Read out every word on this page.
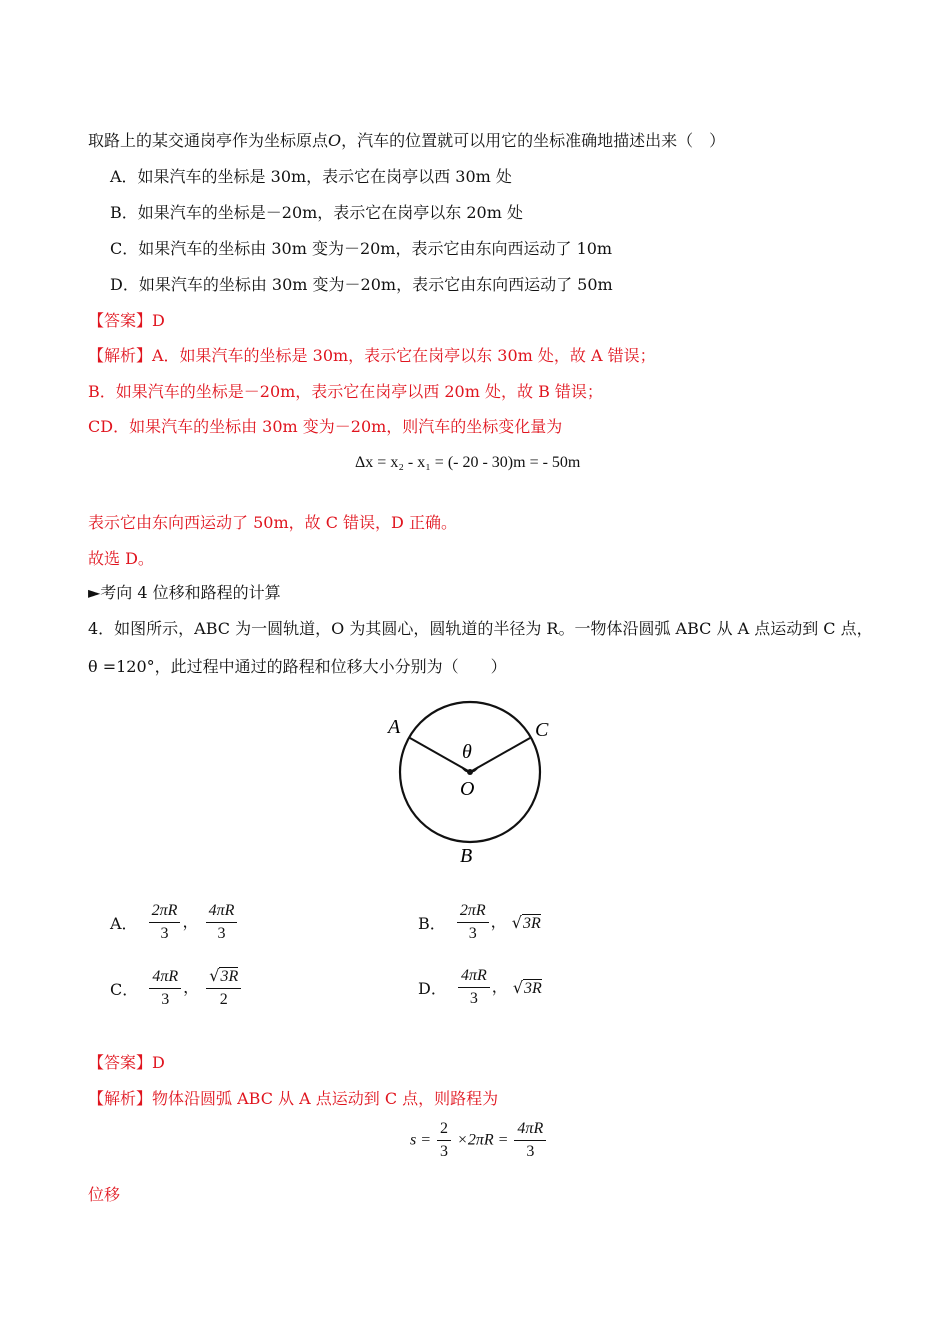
取路上的某交通岗亭作为坐标原点O，汽车的位置就可以用它的坐标准确地描述出来（　）
A．如果汽车的坐标是 30m，表示它在岗亭以西 30m 处
B．如果汽车的坐标是－20m，表示它在岗亭以东 20m 处
C．如果汽车的坐标由 30m 变为－20m，表示它由东向西运动了 10m
D．如果汽车的坐标由 30m 变为－20m，表示它由东向西运动了 50m
【答案】D
【解析】A．如果汽车的坐标是 30m，表示它在岗亭以东 30m 处，故 A 错误；
B．如果汽车的坐标是－20m，表示它在岗亭以西 20m 处，故 B 错误；
CD．如果汽车的坐标由 30m 变为－20m，则汽车的坐标变化量为
Δx = x₂ - x₁ = (- 20 - 30)m = - 50m
表示它由东向西运动了 50m，故 C 错误，D 正确。
故选 D。
►考向 4 位移和路程的计算
4．如图所示，ABC 为一圆轨道，O 为其圆心，圆轨道的半径为 R。一物体沿圆弧 ABC 从 A 点运动到 C 点，
θ =120°，此过程中通过的路程和位移大小分别为（　　）
A	C
θ
O
B
A． $\frac{2\pi R}{3}$ ， $\frac{4\pi R}{3}$	B． $\frac{2\pi R}{3}$ ， √3R
C． $\frac{4\pi R}{3}$ ， $\frac{√3R}{2}$	D． $\frac{4\pi R}{3}$ ， √3R
【答案】D
【解析】物体沿圆弧 ABC 从 A 点运动到 C 点，则路程为
$s = \frac{2}{3} \times 2\pi R = \frac{4\pi R}{3}$
位移
